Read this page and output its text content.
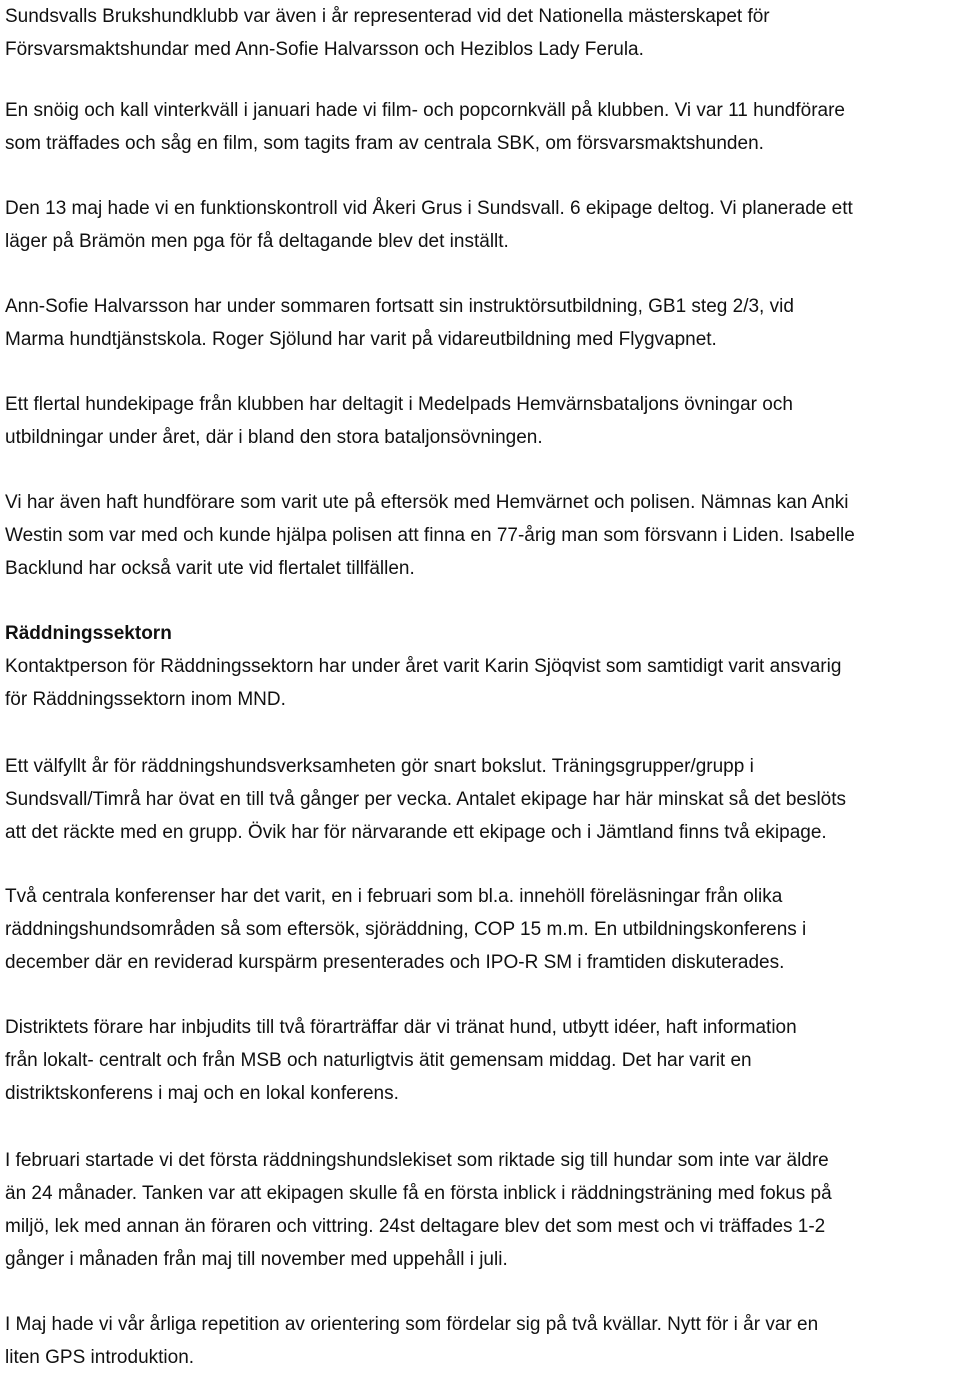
Sundsvalls Brukshundklubb var även i år representerad vid det Nationella mästerskapet för
Försvarsmaktshundar med Ann-Sofie Halvarsson och Heziblos Lady Ferula.
En snöig och kall vinterkväll i januari hade vi film- och popcornkväll på klubben. Vi var 11 hundförare
som träffades och såg en film, som tagits fram av centrala SBK, om försvarsmaktshunden.
Den 13 maj hade vi en funktionskontroll vid Åkeri Grus i Sundsvall. 6 ekipage deltog. Vi planerade ett
läger på Brämön men pga för få deltagande blev det inställt.
Ann-Sofie Halvarsson har under sommaren fortsatt sin instruktörsutbildning, GB1 steg 2/3, vid
Marma hundtjänstskola. Roger Sjölund har varit på vidareutbildning med Flygvapnet.
Ett flertal hundekipage från klubben har deltagit i Medelpads Hemvärnsbataljons övningar och
utbildningar under året, där i bland den stora bataljonsövningen.
Vi har även haft hundförare som varit ute på eftersök med Hemvärnet och polisen. Nämnas kan Anki
Westin som var med och kunde hjälpa polisen att finna en 77-årig man som försvann i Liden. Isabelle
Backlund har också varit ute vid flertalet tillfällen.
Räddningssektorn
Kontaktperson för Räddningssektorn har under året varit Karin Sjöqvist som samtidigt varit ansvarig
för Räddningssektorn inom MND.
Ett välfyllt år för räddningshundsverksamheten gör snart bokslut. Träningsgrupper/grupp i
Sundsvall/Timrå har övat en till två gånger per vecka. Antalet ekipage har här minskat så det beslöts
att det räckte med en grupp. Övik har för närvarande ett ekipage och i Jämtland finns två ekipage.
Två centrala konferenser har det varit, en i februari som bl.a. innehöll föreläsningar från olika
räddningshundsområden så som eftersök, sjöräddning, COP 15 m.m. En utbildningskonferens i
december där en reviderad kurspärm presenterades och IPO-R SM i framtiden diskuterades.
Distriktets förare har inbjudits till två förarträffar där vi tränat hund, utbytt idéer, haft information
från lokalt- centralt och från MSB och naturligtvis ätit gemensam middag. Det har varit en
distriktskonferens i maj och en lokal konferens.
I februari startade vi det första räddningshundslekiset som riktade sig till hundar som inte var äldre
än 24 månader. Tanken var att ekipagen skulle få en första inblick i räddningsträning med fokus på
miljö, lek med annan än föraren och vittring. 24st deltagare blev det som mest och vi träffades 1-2
gånger i månaden från maj till november med uppehåll i juli.
I Maj hade vi vår årliga repetition av orientering som fördelar sig på två kvällar. Nytt för i år var en
liten GPS introduktion.
